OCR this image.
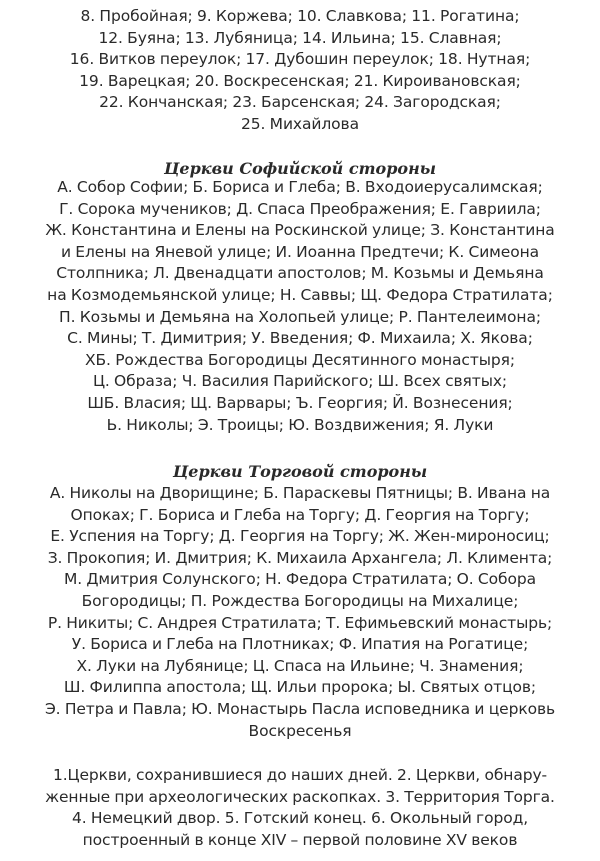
8. Пробойная; 9. Коржева; 10. Славкова; 11. Рогатина;
12. Буяна; 13. Лубяница; 14. Ильина; 15. Славная;
16. Витков переулок; 17. Дубошин переулок; 18. Нутная;
19. Варецкая; 20. Воскресенская; 21. Кироивановская;
22. Кончанская; 23. Барсенская; 24. Загородская;
25. Михайлова

Церкви Софийской стороны

А. Собор Софии; Б. Бориса и Глеба; В. Входоиерусалимская;
Г. Сорока мучеников; Д. Спаса Преображения; Е. Гавриила;
Ж. Константина и Елены на Роскинской улице; З. Константина
и Елены на Яневой улице; И. Иоанна Предтечи; К. Симеона
Столпника; Л. Двенадцати апостолов; М. Козьмы и Демьяна
на Козмодемьянской улице; Н. Саввы; Щ. Федора Стратилата;
П. Козьмы и Демьяна на Холопьей улице; Р. Пантелеимона;
С. Мины; Т. Димитрия; У. Введения; Ф. Михаила; Х. Якова;
ХБ. Рождества Богородицы Десятинного монастыря;
Ц. Образа; Ч. Василия Парийского; Ш. Всех святых;
ШБ. Власия; Щ. Варвары; Ъ. Георгия; Й. Вознесения;
Ь. Николы; Э. Троицы; Ю. Воздвижения; Я. Луки

Церкви Торговой стороны

А. Николы на Дворищине; Б. Параскевы Пятницы; В. Ивана на
Опоках; Г. Бориса и Глеба на Торгу; Д. Георгия на Торгу;
Е. Успения на Торгу; Д. Георгия на Торгу; Ж. Жен-мироносиц;
З. Прокопия; И. Дмитрия; К. Михаила Архангела; Л. Климента;
М. Дмитрия Солунского; Н. Федора Стратилата; О. Собора
Богородицы; П. Рождества Богородицы на Михалице;
Р. Никиты; С. Андрея Стратилата; Т. Ефимьевский монастырь;
У. Бориса и Глеба на Плотниках; Ф. Ипатия на Рогатице;
Х. Луки на Лубянице; Ц. Спаса на Ильине; Ч. Знамения;
Ш. Филиппа апостола; Щ. Ильи пророка; Ы. Святых отцов;
Э. Петра и Павла; Ю. Монастырь Пасла исповедника и церковь
Воскресенья

1.Церкви, сохранившиеся до наших дней. 2. Церкви, обнару-
женные при археологических раскопках. 3. Территория Торга.
4. Немецкий двор. 5. Готский конец. 6. Окольный город,
построенный в конце XIV – первой половине XV веков
